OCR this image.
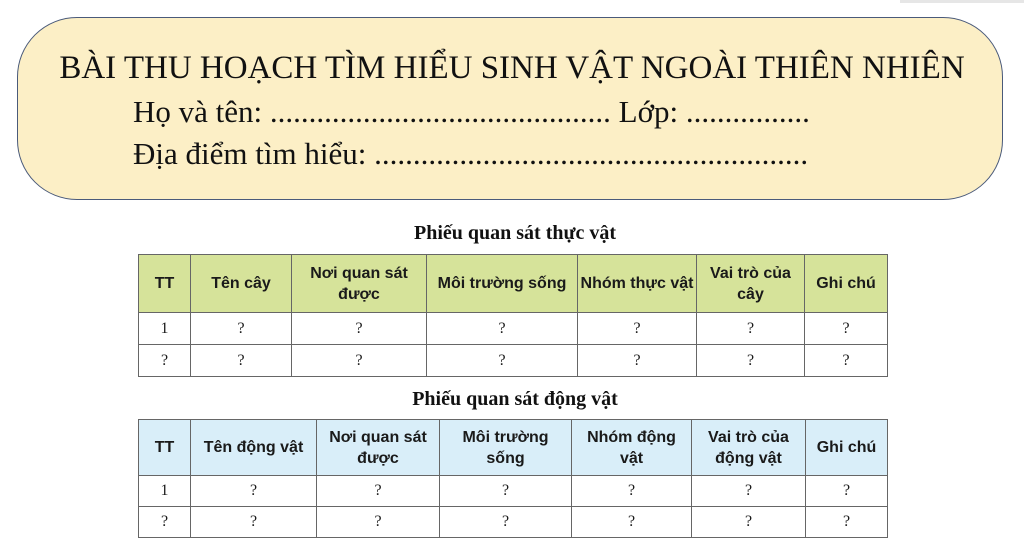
BÀI THU HOẠCH TÌM HIỂU SINH VẬT NGOÀI THIÊN NHIÊN
Họ và tên: ............................................ Lớp: ................
Địa điểm tìm hiểu: ........................................................
Phiếu quan sát thực vật
TT	Tên cây	Nơi quan sát được	Môi trường sống	Nhóm thực vật	Vai trò của cây	Ghi chú
1	?	?	?	?	?	?
?	?	?	?	?	?	?
Phiếu quan sát động vật
TT	Tên động vật	Nơi quan sát được	Môi trường sống	Nhóm động vật	Vai trò của động vật	Ghi chú
1	?	?	?	?	?	?
?	?	?	?	?	?	?
